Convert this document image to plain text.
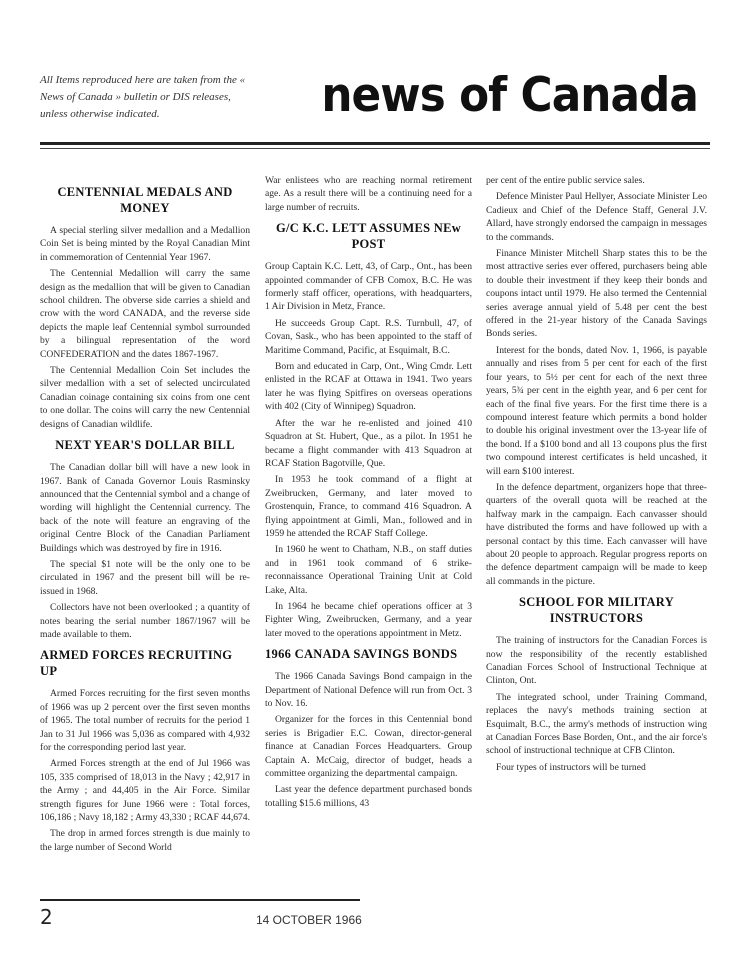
All Items reproduced here are taken from the « News of Canada » bulletin or DIS releases, unless otherwise indicated.	news of Canada
CENTENNIAL MEDALS AND MONEY

A special sterling silver medallion and a Medallion Coin Set is being minted by the Royal Canadian Mint in commemoration of Centennial Year 1967.

The Centennial Medallion will carry the same design as the medallion that will be given to Canadian school children. The obverse side carries a shield and crow with the word CANADA, and the reverse side depicts the maple leaf Centennial symbol surrounded by a bilingual representation of the word CONFEDERATION and the dates 1867-1967.

The Centennial Medallion Coin Set includes the silver medallion with a set of selected uncirculated Canadian coinage containing six coins from one cent to one dollar. The coins will carry the new Centennial designs of Canadian wildlife.

NEXT YEAR'S DOLLAR BILL

The Canadian dollar bill will have a new look in 1967. Bank of Canada Governor Louis Rasminsky announced that the Centennial symbol and a change of wording will highlight the Centennial currency. The back of the note will feature an engraving of the original Centre Block of the Canadian Parliament Buildings which was destroyed by fire in 1916.

The special $1 note will be the only one to be circulated in 1967 and the present bill will be re-issued in 1968.

Collectors have not been overlooked ; a quantity of notes bearing the serial number 1867/1967 will be made available to them.

ARMED FORCES RECRUITING UP

Armed Forces recruiting for the first seven months of 1966 was up 2 percent over the first seven months of 1965. The total number of recruits for the period 1 Jan to 31 Jul 1966 was 5,036 as compared with 4,932 for the corresponding period last year.

Armed Forces strength at the end of Jul 1966 was 105, 335 comprised of 18,013 in the Navy ; 42,917 in the Army ; and 44,405 in the Air Force. Similar strength figures for June 1966 were : Total forces, 106,186 ; Navy 18,182 ; Army 43,330 ; RCAF 44,674.

The drop in armed forces strength is due mainly to the large number of Second World

War enlistees who are reaching normal retirement age. As a result there will be a continuing need for a large number of recruits.

G/C K.C. LETT ASSUMES NEw POST

Group Captain K.C. Lett, 43, of Carp., Ont., has been appointed commander of CFB Comox, B.C. He was formerly staff officer, operations, with headquarters, 1 Air Division in Metz, France.

He succeeds Group Capt. R.S. Turnbull, 47, of Covan, Sask., who has been appointed to the staff of Maritime Command, Pacific, at Esquimalt, B.C.

Born and educated in Carp, Ont., Wing Cmdr. Lett enlisted in the RCAF at Ottawa in 1941. Two years later he was flying Spitfires on overseas operations with 402 (City of Winnipeg) Squadron.

After the war he re-enlisted and joined 410 Squadron at St. Hubert, Que., as a pilot. In 1951 he became a flight commander with 413 Squadron at RCAF Station Bagotville, Que.

In 1953 he took command of a flight at Zweibrucken, Germany, and later moved to Grostenquin, France, to command 416 Squadron. A flying appointment at Gimli, Man., followed and in 1959 he attended the RCAF Staff College.

In 1960 he went to Chatham, N.B., on staff duties and in 1961 took command of 6 strike-reconnaissance Operational Training Unit at Cold Lake, Alta.

In 1964 he became chief operations officer at 3 Fighter Wing, Zweibrucken, Germany, and a year later moved to the operations appointment in Metz.

1966 CANADA SAVINGS BONDS

The 1966 Canada Savings Bond campaign in the Department of National Defence will run from Oct. 3 to Nov. 16.

Organizer for the forces in this Centennial bond series is Brigadier E.C. Cowan, director-general finance at Canadian Forces Headquarters. Group Captain A. McCaig, director of budget, heads a committee organizing the departmental campaign.

Last year the defence department purchased bonds totalling $15.6 millions, 43

per cent of the entire public service sales.

Defence Minister Paul Hellyer, Associate Minister Leo Cadieux and Chief of the Defence Staff, General J.V. Allard, have strongly endorsed the campaign in messages to the commands.

Finance Minister Mitchell Sharp states this to be the most attractive series ever offered, purchasers being able to double their investment if they keep their bonds and coupons intact until 1979. He also termed the Centennial series average annual yield of 5.48 per cent the best offered in the 21-year history of the Canada Savings Bonds series.

Interest for the bonds, dated Nov. 1, 1966, is payable annually and rises from 5 per cent for each of the first four years, to 5½ per cent for each of the next three years, 5¾ per cent in the eighth year, and 6 per cent for each of the final five years. For the first time there is a compound interest feature which permits a bond holder to double his original investment over the 13-year life of the bond. If a $100 bond and all 13 coupons plus the first two compound interest certificates is held uncashed, it will earn $100 interest.

In the defence department, organizers hope that three-quarters of the overall quota will be reached at the halfway mark in the campaign. Each canvasser should have distributed the forms and have followed up with a personal contact by this time. Each canvasser will have about 20 people to approach. Regular progress reports on the defence department campaign will be made to keep all commands in the picture.

SCHOOL FOR MILITARY INSTRUCTORS

The training of instructors for the Canadian Forces is now the responsibility of the recently established Canadian Forces School of Instructional Technique at Clinton, Ont.

The integrated school, under Training Command, replaces the navy's methods training section at Esquimalt, B.C., the army's methods of instruction wing at Canadian Forces Base Borden, Ont., and the air force's school of instructional technique at CFB Clinton.

Four types of instructors will be turned

2	14 OCTOBER 1966
